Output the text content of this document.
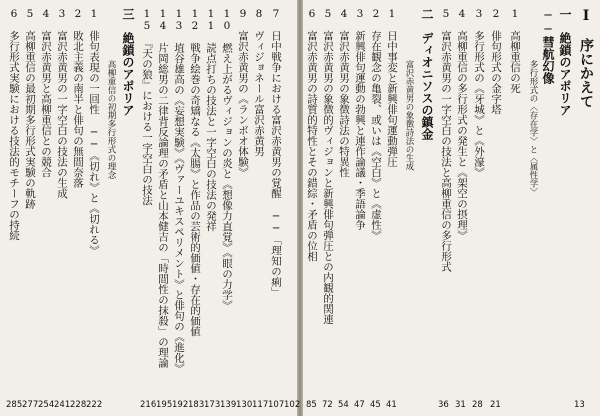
Ⅰ　序にかえて
一　絶鎖のアポリア
──彗航幻像
多行形式の〈存在学〉と〈属性学〉
1　高柳重信の死
2　俳句形式の金字塔
3　多行形式の《牙城》と《外濠》
4　高柳重信の多行形式の発生と《架空の摂理》
5　富沢赤黄男の一字空白の技法と高柳重信の多行形式
二　ディオニソスの鎮金
富沢赤黄男の象徴詩法の生成
1　日中事変と新興俳句運動弾圧
2　存在観念の亀裂、或いは《空白》と《虚性》
3　新興俳句運動の勃興と連作論議・季語論争
4　富沢赤黄男の象徴詩法の特異性
5　富沢赤黄男の象徴的ヴィジョンと新興俳句弾圧との内観的関連
6　富沢赤黄男の詩質的特性とその錯綜・矛盾の位相
13
21
28
31
36
41
45
47
54
72
85
102
7　日中戦争における富沢赤黄男の覚醒 ──「理知の痢」
8　ヴィジョネール富沢赤黄男
9　富沢赤黄男の《ランボオ体験》
10　燃え上がるヴィジョンの炎と《想像力直覚》《眼の力学》
11　読点打ちの技法と一字空白の技法の発祥
12　戦争絵巻の奇矯なる《太腸》と作品の芸術的価値・存在的価値
13　埴谷雄高の《妄想実験》《ヴァーユキスペリメント》と俳句の《進化》
14　片岡総男の二律背反論理の矛盾と山本健吉の「時間性の抹殺」の理論
15　『天の狼』における一字空白の技法
三　絶鎖のアポリア
高柳重信の初期多行形式の理念
1　俳句表現の一回性 ──《切れ》と《切れる》
2　敗北主義の南半と俳句の無間奈落
3　富沢赤黄男の一字空白の技法の生成
4　富沢赤黄男と高柳重信との競合
5　高柳重信の最初期多行形式実験の軌跡
6　多行形式実験における技法的モチーフの持続
107
117
130
139
173
183
192
195
216
222
228
241
254
277
285
